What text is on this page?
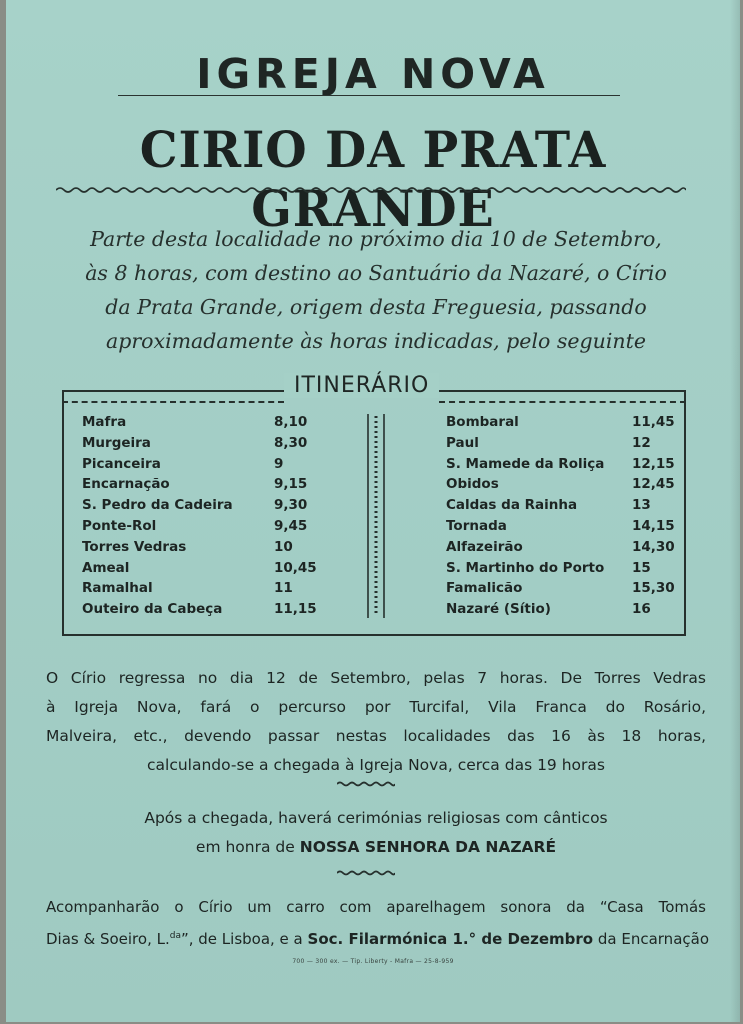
IGREJA NOVA
CIRIO DA PRATA GRANDE
Parte desta localidade no próximo dia 10 de Setembro,
às 8 horas, com destino ao Santuário da Nazaré, o Círio
da Prata Grande, origem desta Freguesia, passando
aproximadamente às horas indicadas, pelo seguinte
ITINERÁRIO
Mafra	8,10
Murgeira	8,30
Picanceira	9
Encarnação	9,15
S. Pedro da Cadeira	9,30
Ponte-Rol	9,45
Torres Vedras	10
Ameal	10,45
Ramalhal	11
Outeiro da Cabeça	11,15
Bombaral	11,45
Paul	12
S. Mamede da Roliça 12,15
Obidos	12,45
Caldas da Rainha	13
Tornada	14,15
Alfazeirão	14,30
S. Martinho do Porto 15
Famalicão	15,30
Nazaré (Sítio)	16
O Círio regressa no dia 12 de Setembro, pelas 7 horas. De Torres Vedras
à Igreja Nova, fará o percurso por Turcifal, Vila Franca do Rosário,
Malveira, etc., devendo passar nestas localidades das 16 às 18 horas,
calculando-se a chegada à Igreja Nova, cerca das 19 horas
Após a chegada, haverá cerimónias religiosas com cânticos
em honra de NOSSA SENHORA DA NAZARÉ
Acompanharão o Círio um carro com aparelhagem sonora da “Casa Tomás
Dias & Soeiro, L.$^{da}$”, de Lisboa, e a Soc. Filarmónica 1.° de Dezembro da Encarnação
700 — 300 ex. — Tip. Liberty - Mafra — 25-8-959
